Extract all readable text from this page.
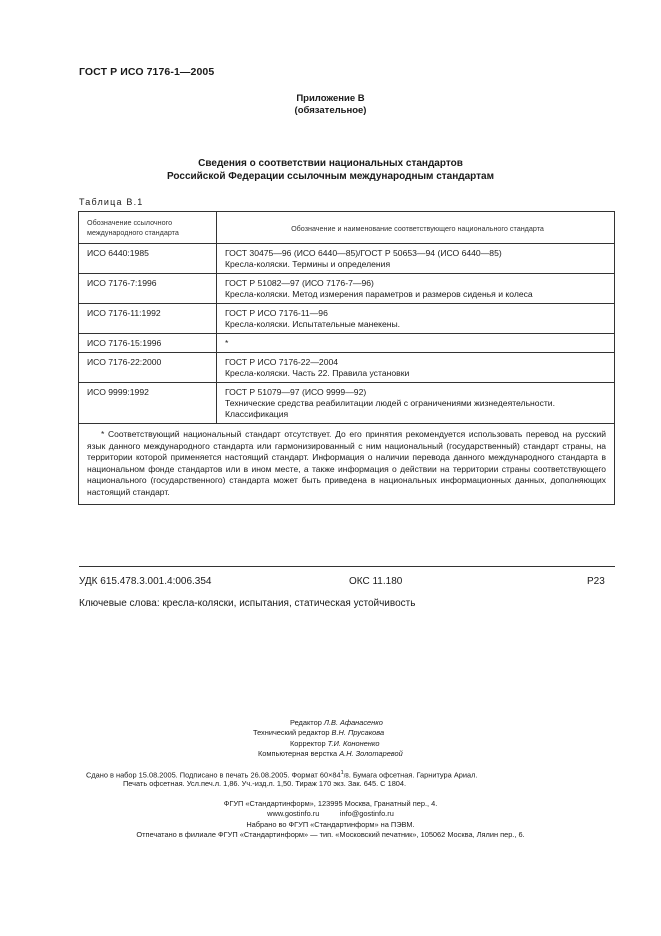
ГОСТ Р ИСО 7176-1—2005
Приложение В
(обязательное)
Сведения о соответствии национальных стандартов
Российской Федерации ссылочным международным стандартам
Таблица В.1
Обозначение ссылочного международного стандарта	Обозначение и наименование соответствующего национального стандарта
ИСО 6440:1985	ГОСТ 30475—96 (ИСО 6440—85)/ГОСТ Р 50653—94 (ИСО 6440—85)
Кресла-коляски. Термины и определения

ИСО 7176-7:1996	ГОСТ Р 51082—97 (ИСО 7176-7—96)
Кресла-коляски. Метод измерения параметров и размеров сиденья и колеса

ИСО 7176-11:1992	ГОСТ Р ИСО 7176-11—96
Кресла-коляски. Испытательные манекены.

ИСО 7176-15:1996	*

ИСО 7176-22:2000	ГОСТ Р ИСО 7176-22—2004
Кресла-коляски. Часть 22. Правила установки

ИСО 9999:1992	ГОСТ Р 51079—97 (ИСО 9999—92)
Технические средства реабилитации людей с ограничениями жизнедеятельности.
Классификация

* Соответствующий национальный стандарт отсутствует. До его принятия рекомендуется использовать перевод на русский язык данного международного стандарта или гармонизированный с ним национальный (государственный) стандарт страны, на территории которой применяется настоящий стандарт. Информация о наличии перевода данного международного стандарта в национальном фонде стандартов или в ином месте, а также информация о действии на территории страны соответствующего национального (государственного) стандарта может быть приведена в национальных информационных данных, дополняющих настоящий стандарт.	
УДК 615.478.3.001.4:006.354	ОКС 11.180	Р23
Ключевые слова: кресла-коляски, испытания, статическая устойчивость
Редактор Л.В. Афанасенко
Технический редактор В.Н. Прусакова
Корректор Т.И. Кононенко
Компьютерная верстка А.Н. Золотаревой
Сдано в набор 15.08.2005. Подписано в печать 26.08.2005. Формат $60\times 84^1/8$. Бумага офсетная. Гарнитура Ариал.
Печать офсетная. Усл.печ.л. 1,86. Уч.-изд.л. 1,50. Тираж 170 экз. Зак. 645. С 1804.
ФГУП «Стандартинформ», 123995 Москва, Гранатный пер., 4.
www.gostinfo.ru          info@gostinfo.ru
Набрано во ФГУП «Стандартинформ» на ПЭВМ.
Отпечатано в филиале ФГУП «Стандартинформ» — тип. «Московский печатник», 105062 Москва, Лялин пер., 6.
